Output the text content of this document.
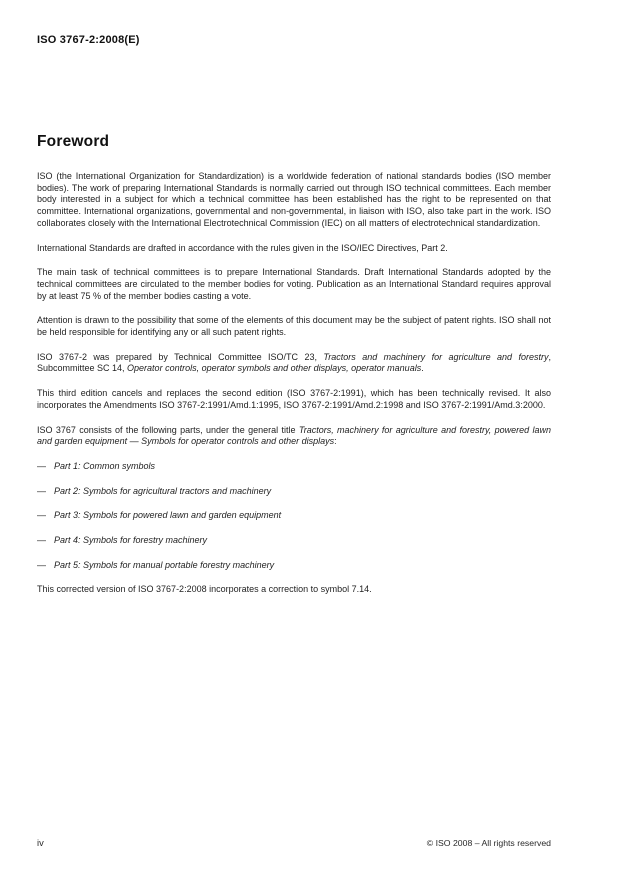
ISO 3767-2:2008(E)
Foreword

ISO (the International Organization for Standardization) is a worldwide federation of national standards bodies (ISO member bodies). The work of preparing International Standards is normally carried out through ISO technical committees. Each member body interested in a subject for which a technical committee has been established has the right to be represented on that committee. International organizations, governmental and non-governmental, in liaison with ISO, also take part in the work. ISO collaborates closely with the International Electrotechnical Commission (IEC) on all matters of electrotechnical standardization.

International Standards are drafted in accordance with the rules given in the ISO/IEC Directives, Part 2.

The main task of technical committees is to prepare International Standards. Draft International Standards adopted by the technical committees are circulated to the member bodies for voting. Publication as an International Standard requires approval by at least 75 % of the member bodies casting a vote.

Attention is drawn to the possibility that some of the elements of this document may be the subject of patent rights. ISO shall not be held responsible for identifying any or all such patent rights.

ISO 3767-2 was prepared by Technical Committee ISO/TC 23, Tractors and machinery for agriculture and forestry, Subcommittee SC 14, Operator controls, operator symbols and other displays, operator manuals.

This third edition cancels and replaces the second edition (ISO 3767-2:1991), which has been technically revised. It also incorporates the Amendments ISO 3767-2:1991/Amd.1:1995, ISO 3767-2:1991/Amd.2:1998 and ISO 3767-2:1991/Amd.3:2000.

ISO 3767 consists of the following parts, under the general title Tractors, machinery for agriculture and forestry, powered lawn and garden equipment — Symbols for operator controls and other displays:

— Part 1: Common symbols
— Part 2: Symbols for agricultural tractors and machinery
— Part 3: Symbols for powered lawn and garden equipment
— Part 4: Symbols for forestry machinery
— Part 5: Symbols for manual portable forestry machinery

This corrected version of ISO 3767-2:2008 incorporates a correction to symbol 7.14.

iv	© ISO 2008 – All rights reserved
